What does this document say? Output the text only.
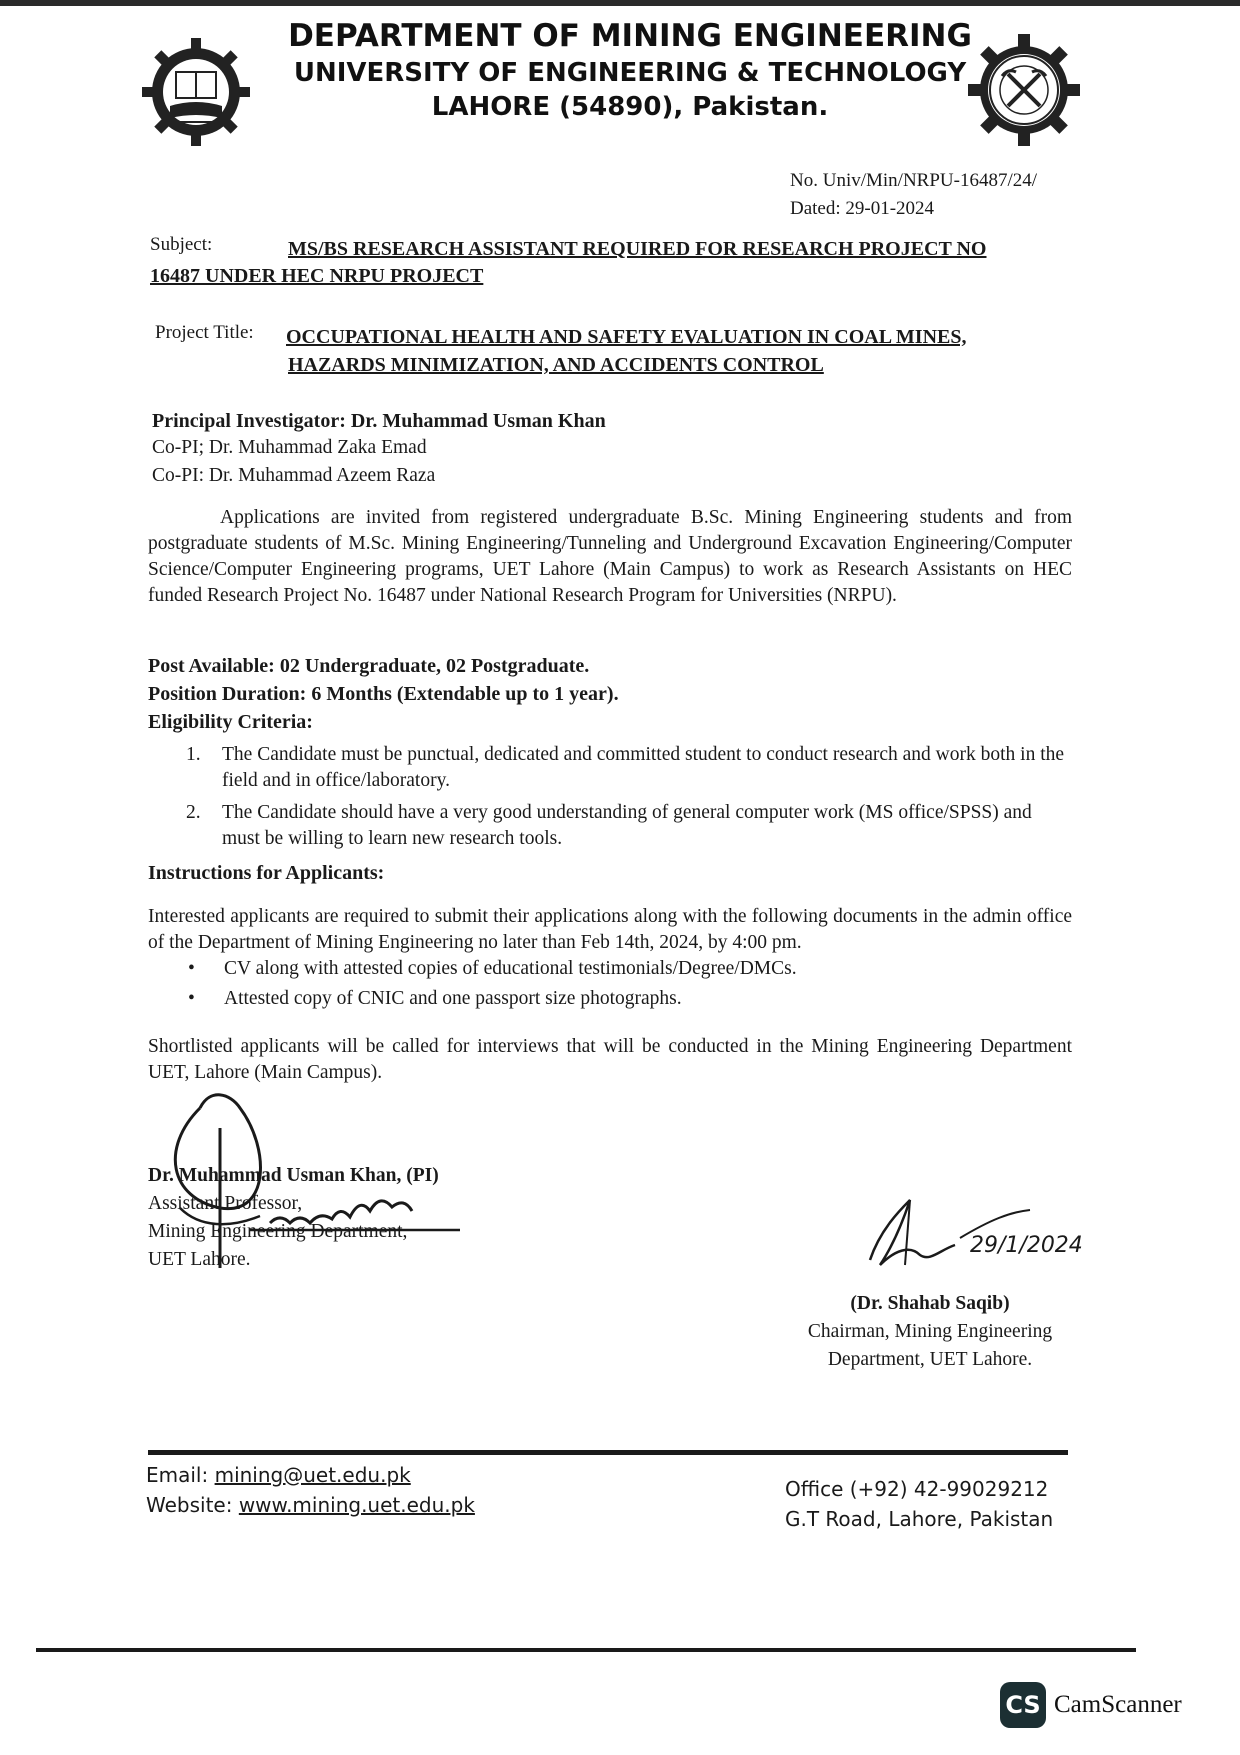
DEPARTMENT OF MINING ENGINEERING
UNIVERSITY OF ENGINEERING & TECHNOLOGY
LAHORE (54890), Pakistan.
No. Univ/Min/NRPU-16487/24/
Dated: 29-01-2024
Subject:	MS/BS RESEARCH ASSISTANT REQUIRED FOR RESEARCH PROJECT NO
16487 UNDER HEC NRPU PROJECT
Project Title: OCCUPATIONAL HEALTH AND SAFETY EVALUATION IN COAL MINES,
HAZARDS MINIMIZATION, AND ACCIDENTS CONTROL
Principal Investigator: Dr. Muhammad Usman Khan
Co-PI; Dr. Muhammad Zaka Emad
Co-PI: Dr. Muhammad Azeem Raza

Applications are invited from registered undergraduate B.Sc. Mining Engineering students and from postgraduate students of M.Sc. Mining Engineering/Tunneling and Underground Excavation Engineering/Computer Science/Computer Engineering programs, UET Lahore (Main Campus) to work as Research Assistants on HEC funded Research Project No. 16487 under National Research Program for Universities (NRPU).

Post Available: 02 Undergraduate, 02 Postgraduate.
Position Duration: 6 Months (Extendable up to 1 year).
Eligibility Criteria:
1. The Candidate must be punctual, dedicated and committed student to conduct research and work both in the field and in office/laboratory.
2. The Candidate should have a very good understanding of general computer work (MS office/SPSS) and must be willing to learn new research tools.
Instructions for Applicants:
Interested applicants are required to submit their applications along with the following documents in the admin office of the Department of Mining Engineering no later than Feb 14th, 2024, by 4:00 pm.
• CV along with attested copies of educational testimonials/Degree/DMCs.
• Attested copy of CNIC and one passport size photographs.
Shortlisted applicants will be called for interviews that will be conducted in the Mining Engineering Department UET, Lahore (Main Campus).
Dr. Muhammad Usman Khan, (PI)
Assistant Professor,
Mining Engineering Department,
UET Lahore.
29/1/2024
(Dr. Shahab Saqib)
Chairman, Mining Engineering
Department, UET Lahore.
Email: mining@uet.edu.pk
Website: www.mining.uet.edu.pk
Office (+92) 42-99029212
G.T Road, Lahore, Pakistan
CS CamScanner
